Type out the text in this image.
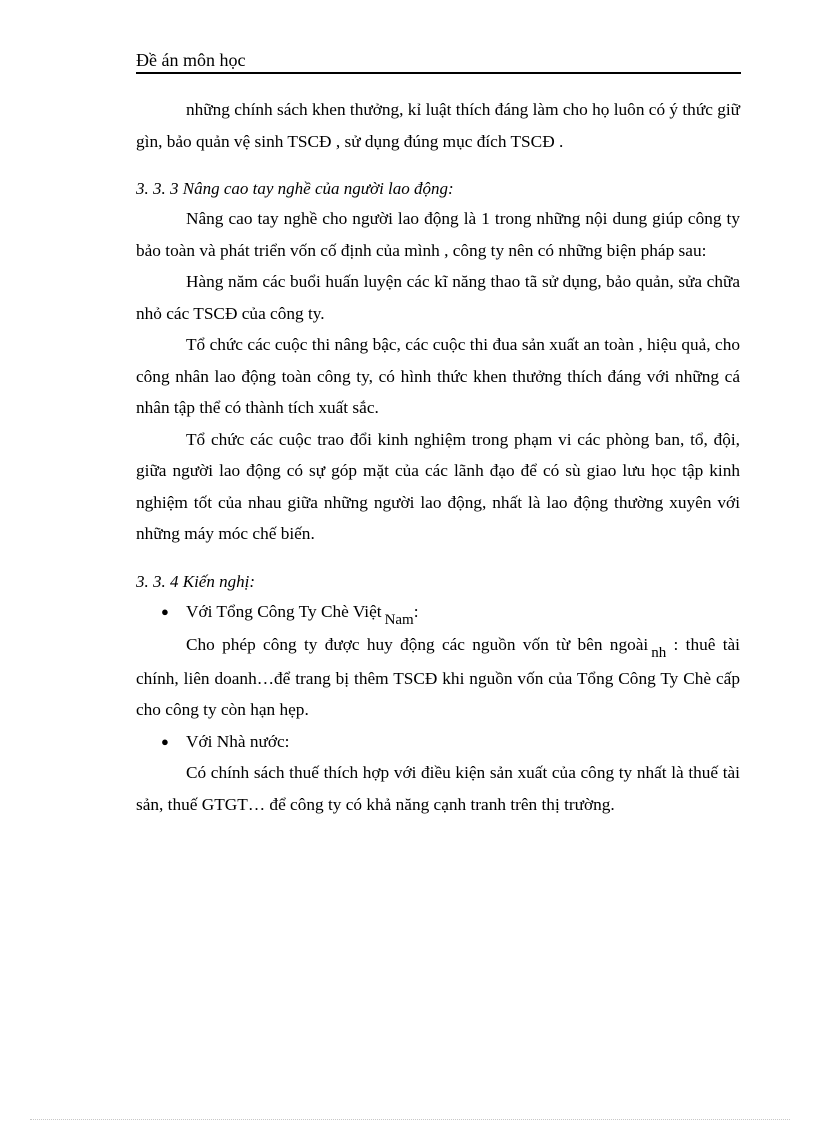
Đề án môn học

những chính sách khen thưởng, kỉ luật thích đáng làm cho họ luôn có ý thức giữ gìn, bảo quản vệ sinh TSCĐ , sử dụng đúng mục đích TSCĐ .

3. 3. 3 Nâng cao tay nghề của người lao động:

Nâng cao tay nghề cho người lao động là 1 trong những nội dung giúp công ty bảo toàn và phát triển vốn cố định của mình , công ty nên có những biện pháp sau:

Hàng năm các buổi huấn luyện các kĩ năng thao tã sử dụng, bảo quản, sửa chữa nhỏ các TSCĐ của công ty.

Tổ chức các cuộc thi nâng bậc, các cuộc thi đua sản xuất an toàn , hiệu quả, cho công nhân lao động toàn công ty, có hình thức khen thưởng thích đáng với những cá nhân tập thể có thành tích xuất sắc.

Tổ chức các cuộc trao đổi kinh nghiệm trong phạm vi các phòng ban, tổ, đội, giữa người lao động có sự góp mặt của các lãnh đạo để có sù giao lưu học tập kinh nghiệm tốt của nhau giữa những người lao động, nhất là lao động thường xuyên với những máy móc chế biến.

3. 3. 4 Kiến nghị:
●
Với Tổng Công Ty Chè Việt Nam:

Cho phép công ty được huy động các nguồn vốn từ bên ngoài nh : thuê tài chính, liên doanh…để trang bị thêm TSCĐ khi nguồn vốn của Tổng Công Ty Chè cấp cho công ty còn hạn hẹp.

●
Với Nhà nước:

Có chính sách thuế thích hợp với điều kiện sản xuất của công ty nhất là thuế tài sản, thuế GTGT… để công ty có khả năng cạnh tranh trên thị trường.
